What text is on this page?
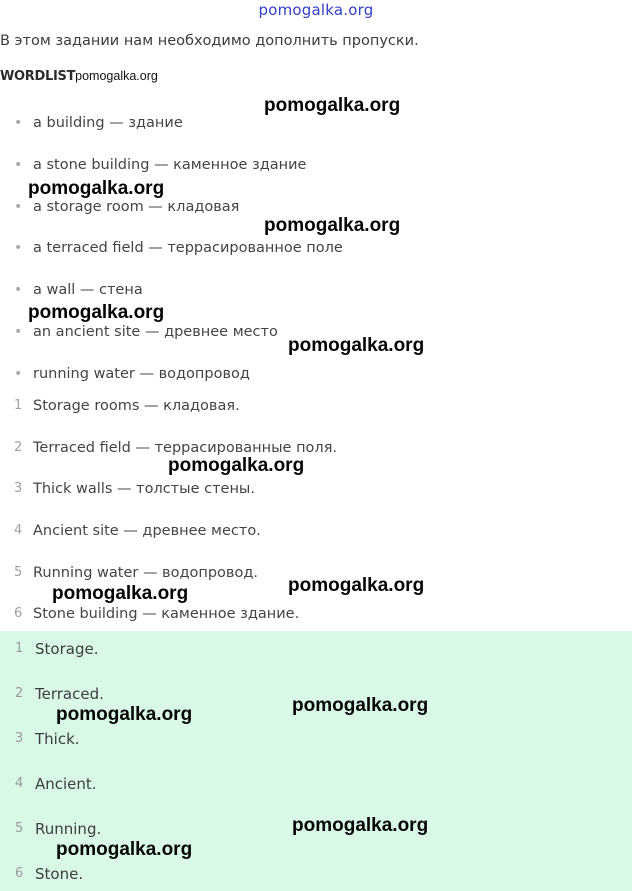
pomogalka.org
В этом задании нам необходимо дополнить пропуски.
WORDLISTpomogalka.org
• a building — здание
• a stone building — каменное здание
• a storage room — кладовая
• a terraced field — террасированное поле
• a wall — стена
• an ancient site — древнее место
• running water — водопровод
1 Storage rooms — кладовая.
2 Terraced field — террасированные поля.
3 Thick walls — толстые стены.
4 Ancient site — древнее место.
5 Running water — водопровод.
6 Stone building — каменное здание.
1 Storage.
2 Terraced.
3 Thick.
4 Ancient.
5 Running.
6 Stone.
pomogalka.org
pomogalka.org
pomogalka.org
pomogalka.org
pomogalka.org
pomogalka.org
pomogalka.org
pomogalka.org
pomogalka.org
pomogalka.org
pomogalka.org
pomogalka.org
